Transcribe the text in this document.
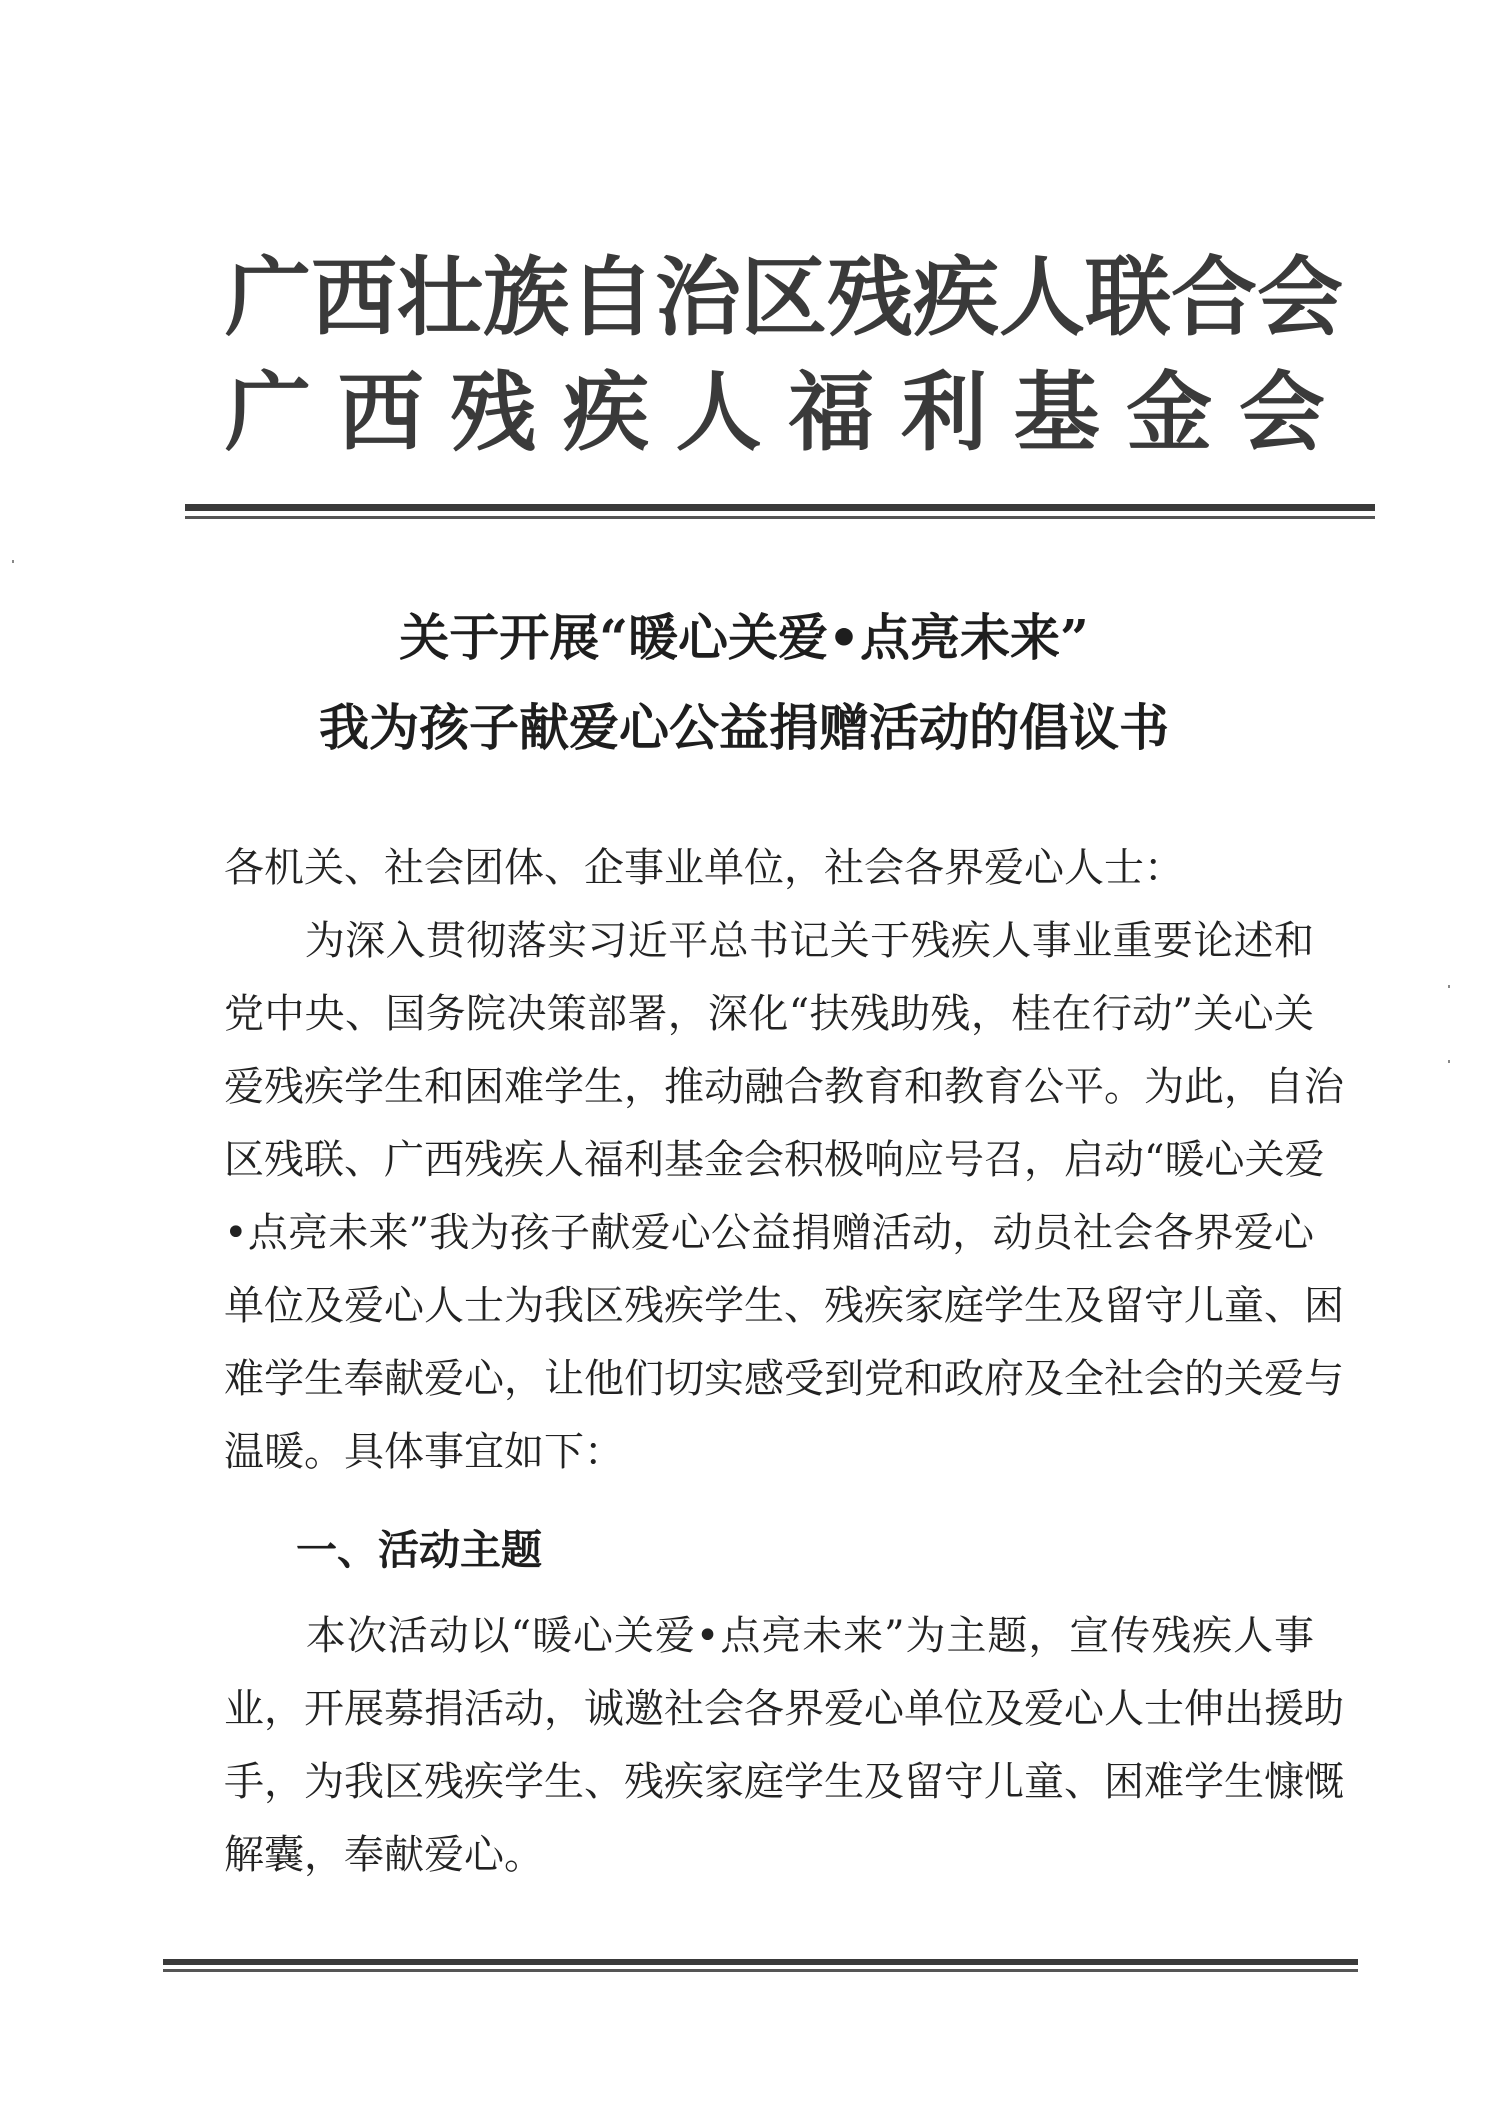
广 西 壮 族 自 治 区 残 疾 人 联 合 会
广 西 残 疾 人 福 利 基 金 会
关于开展“暖心关爱•点亮未来”
我为孩子献爱心公益捐赠活动的倡议书
各机关、社会团体、企事业单位，社会各界爱心人士：
　　为深入贯彻落实习近平总书记关于残疾人事业重要论述和
党中央、国务院决策部署，深化“扶残助残，桂在行动”关心关
爱残疾学生和困难学生，推动融合教育和教育公平。为此，自治
区残联、广西残疾人福利基金会积极响应号召，启动“暖心关爱
•点亮未来”我为孩子献爱心公益捐赠活动，动员社会各界爱心
单位及爱心人士为我区残疾学生、残疾家庭学生及留守儿童、困
难学生奉献爱心，让他们切实感受到党和政府及全社会的关爱与
温暖。具体事宜如下：
一、活动主题
　　本次活动以“暖心关爱•点亮未来”为主题，宣传残疾人事
业，开展募捐活动，诚邀社会各界爱心单位及爱心人士伸出援助
手，为我区残疾学生、残疾家庭学生及留守儿童、困难学生慷慨
解囊，奉献爱心。
